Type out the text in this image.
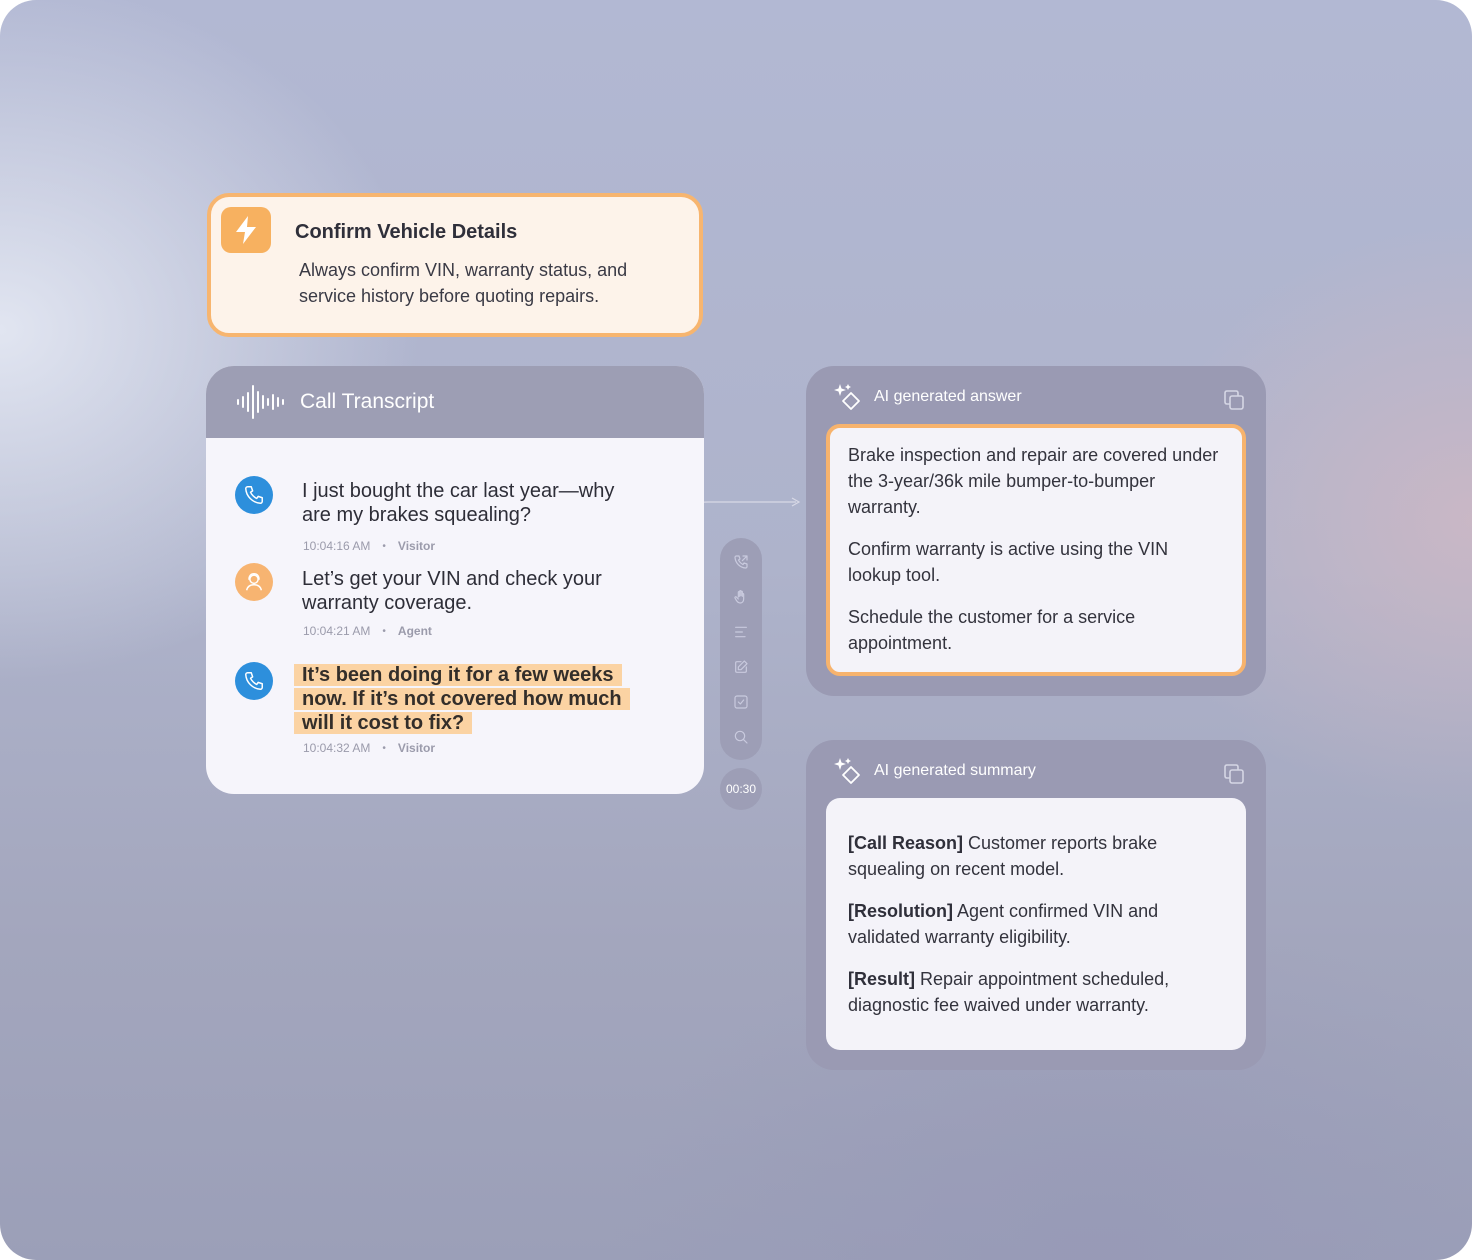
Confirm Vehicle Details
Always confirm VIN, warranty status, and service history before quoting repairs.
Call Transcript
I just bought the car last year—why are my brakes squealing?
10:04:16 AM • Visitor
Let’s get your VIN and check your warranty coverage.
10:04:21 AM • Agent
It’s been doing it for a few weeks now. If it’s not covered how much will it cost to fix?
10:04:32 AM • Visitor
00:30
AI generated answer

Brake inspection and repair are covered under the 3-year/36k mile bumper-to-bumper warranty.

Confirm warranty is active using the VIN lookup tool.

Schedule the customer for a service appointment.

AI generated summary

[Call Reason] Customer reports brake squealing on recent model.

[Resolution] Agent confirmed VIN and validated warranty eligibility.

[Result] Repair appointment scheduled, diagnostic fee waived under warranty.
